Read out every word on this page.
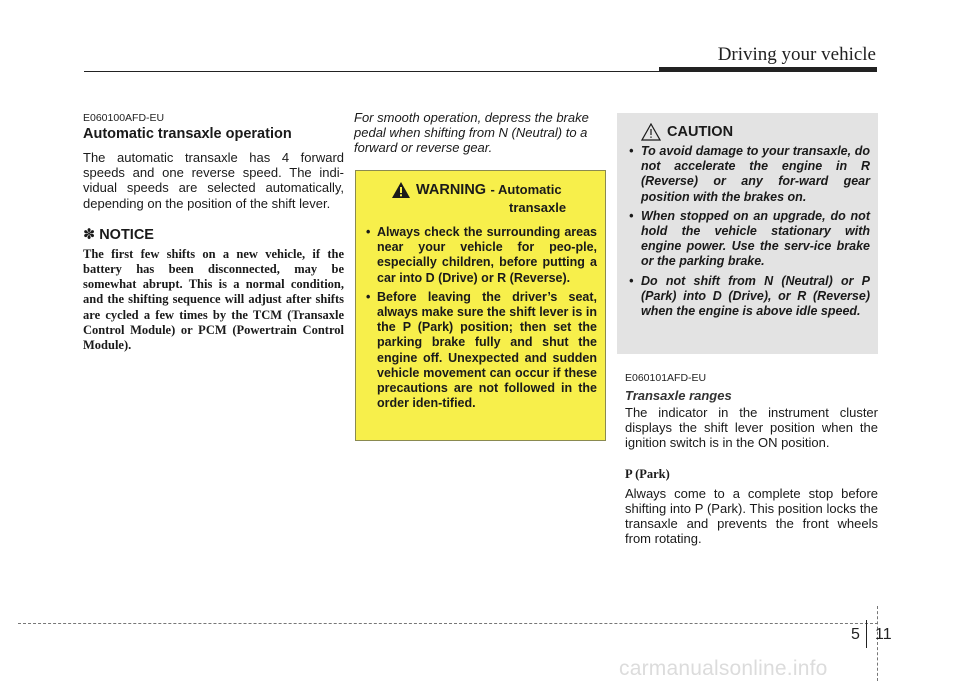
Driving your vehicle
E060100AFD-EU
Automatic transaxle operation

The automatic transaxle has 4 forward speeds and one reverse speed. The indi-vidual speeds are selected automatically, depending on the position of the shift lever.

✽ NOTICE

The first few shifts on a new vehicle, if the battery has been disconnected, may be somewhat abrupt. This is a normal condition, and the shifting sequence will adjust after shifts are cycled a few times by the TCM (Transaxle Control Module) or PCM (Powertrain Control Module).

For smooth operation, depress the brake pedal when shifting from N (Neutral) to a forward or reverse gear.

WARNING - Automatic
transaxle
• Always check the surrounding areas near your vehicle for peo-ple, especially children, before putting a car into D (Drive) or R (Reverse).
• Before leaving the driver’s seat, always make sure the shift lever is in the P (Park) position; then set the parking brake fully and shut the engine off. Unexpected and sudden vehicle movement can occur if these precautions are not followed in the order iden-tified.
CAUTION
• To avoid damage to your transaxle, do not accelerate the engine in R (Reverse) or any for-ward gear position with the brakes on.
• When stopped on an upgrade, do not hold the vehicle stationary with engine power. Use the serv-ice brake or the parking brake.
• Do not shift from N (Neutral) or P (Park) into D (Drive), or R (Reverse) when the engine is above idle speed.
E060101AFD-EU
Transaxle ranges

The indicator in the instrument cluster displays the shift lever position when the ignition switch is in the ON position.

P (Park)

Always come to a complete stop before shifting into P (Park). This position locks the transaxle and prevents the front wheels from rotating.

5 11
carmanualsonline.info
